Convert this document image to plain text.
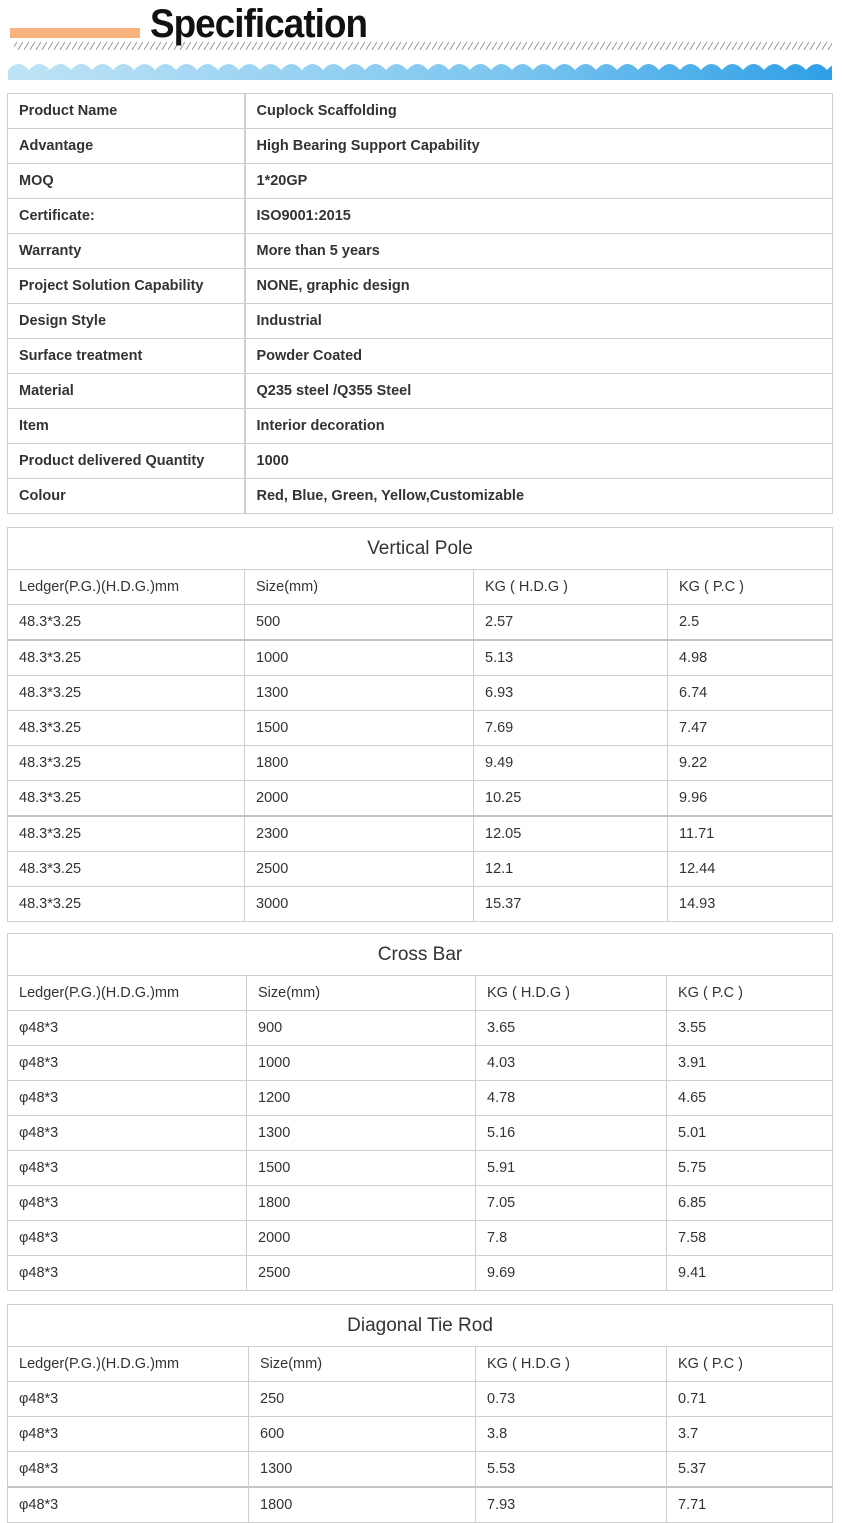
Specification
Product Name	Cuplock Scaffolding
Advantage	High Bearing Support Capability
MOQ	1*20GP
Certificate:	ISO9001:2015
Warranty	More than 5 years
Project Solution Capability	NONE, graphic design
Design Style	Industrial
Surface treatment	Powder Coated
Material	Q235 steel /Q355 Steel
Item	Interior decoration
Product delivered Quantity	1000
Colour	Red, Blue, Green, Yellow,Customizable
Vertical Pole			
Ledger(P.G.)(H.D.G.)mm	Size(mm)	KG ( H.D.G )	KG ( P.C )
48.3*3.25	500	2.57	2.5
48.3*3.25	1000	5.13	4.98
48.3*3.25	1300	6.93	6.74
48.3*3.25	1500	7.69	7.47
48.3*3.25	1800	9.49	9.22
48.3*3.25	2000	10.25	9.96
48.3*3.25	2300	12.05	11.71
48.3*3.25	2500	12.1	12.44
48.3*3.25	3000	15.37	14.93
Cross Bar			
Ledger(P.G.)(H.D.G.)mm	Size(mm)	KG ( H.D.G )	KG ( P.C )
φ48*3	900	3.65	3.55
φ48*3	1000	4.03	3.91
φ48*3	1200	4.78	4.65
φ48*3	1300	5.16	5.01
φ48*3	1500	5.91	5.75
φ48*3	1800	7.05	6.85
φ48*3	2000	7.8	7.58
φ48*3	2500	9.69	9.41
Diagonal Tie Rod			
Ledger(P.G.)(H.D.G.)mm	Size(mm)	KG ( H.D.G )	KG ( P.C )
φ48*3	250	0.73	0.71
φ48*3	600	3.8	3.7
φ48*3	1300	5.53	5.37
φ48*3	1800	7.93	7.71
